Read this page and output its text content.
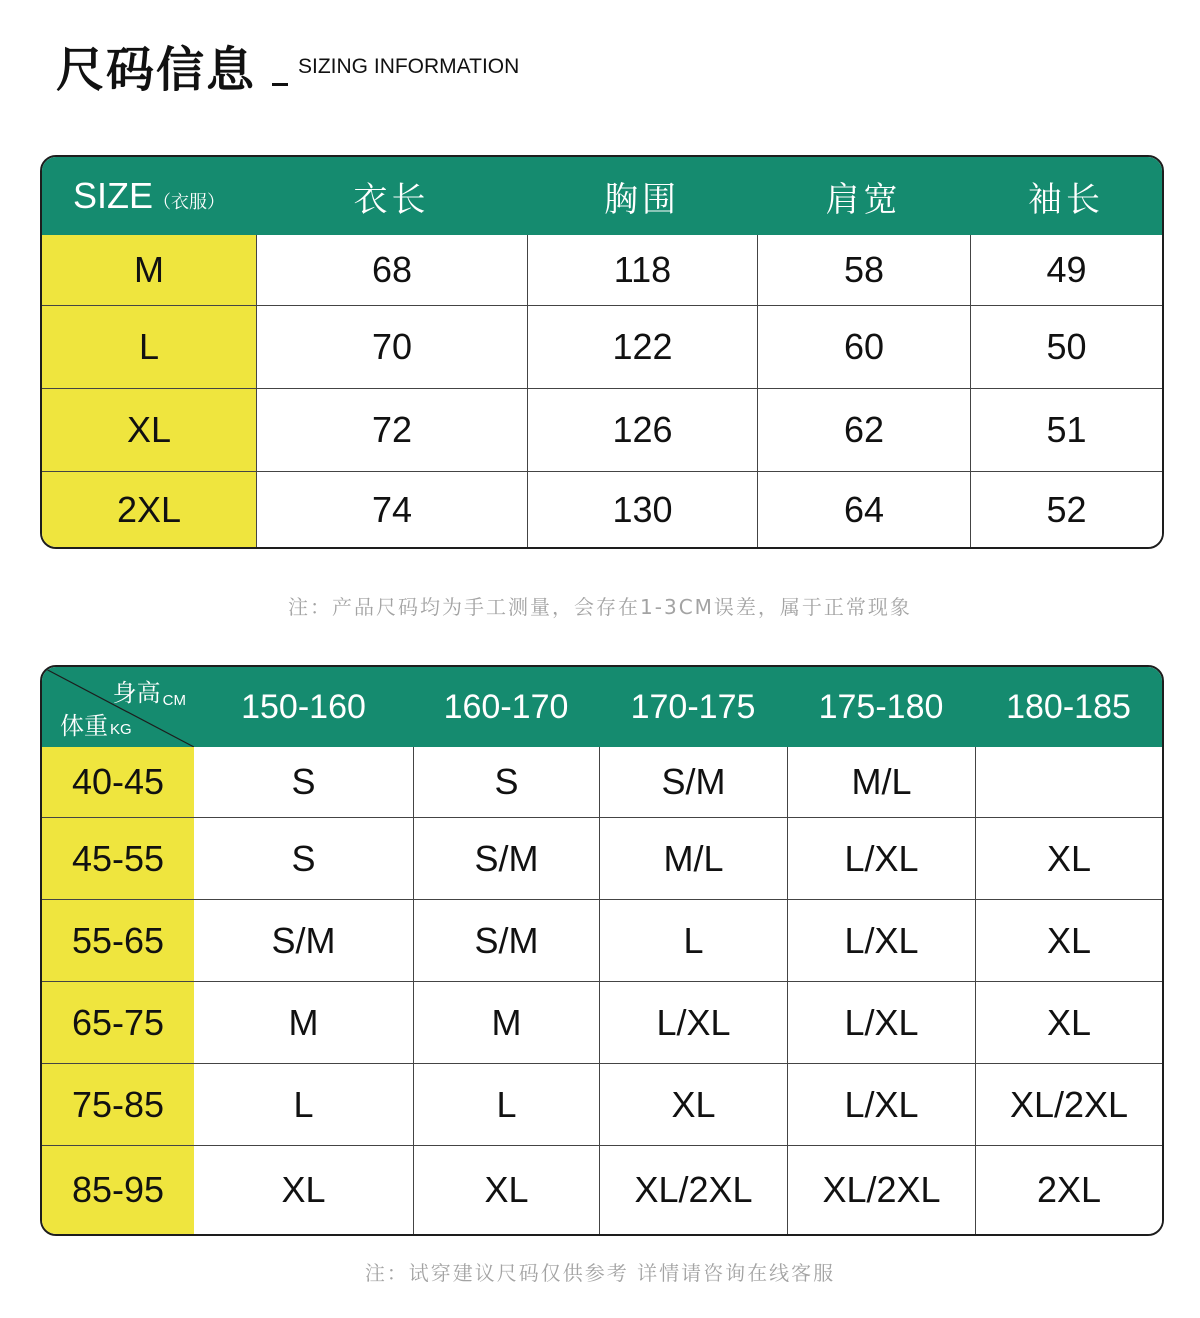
尺码信息 SIZING INFORMATION
SIZE（衣服）	衣长	胸围	肩宽	袖长
M	68	118	58	49
L	70	122	60	50
XL	72	126	62	51
2XL	74	130	64	52
注：产品尺码均为手工测量，会存在1-3CM误差，属于正常现象
身高 CM
体重 KG	150-160	160-170	170-175	175-180	180-185
40-45	S	S	S/M	M/L	
45-55	S	S/M	M/L	L/XL	XL
55-65	S/M	S/M	L	L/XL	XL
65-75	M	M	L/XL	L/XL	XL
75-85	L	L	XL	L/XL	XL/2XL
85-95	XL	XL	XL/2XL	XL/2XL	2XL
注：试穿建议尺码仅供参考 详情请咨询在线客服
